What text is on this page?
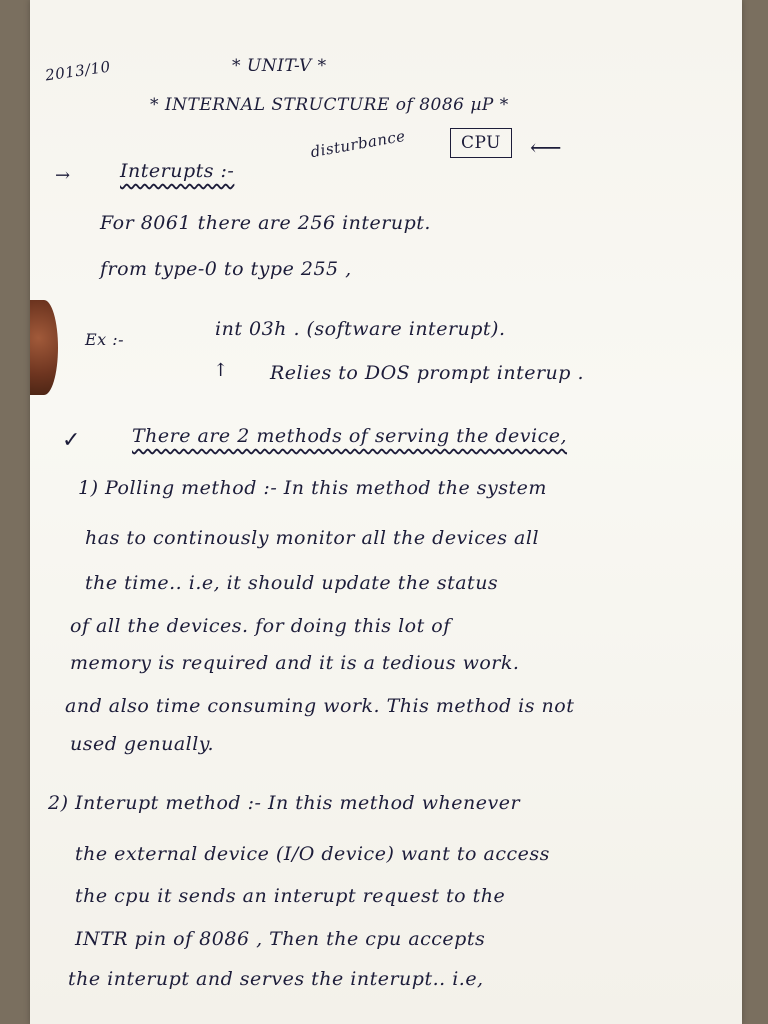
2013/10	* UNIT-V *
* INTERNAL STRUCTURE of 8086 µP *
→	Interupts :-
disturbance	CPU	⟵
For 8061 there are 256 interupt.
from type-0 to type 255 ,
Ex :-	int 03h . (software interupt).
↑ Relies to DOS prompt interup .
✓	There are 2 methods of serving the device,
1) Polling method :- In this method the system
has to continously monitor all the devices all
the time.. i.e, it should update the status
of all the devices. for doing this lot of
memory is required and it is a tedious work.
and also time consuming work. This method is not
used genually.
2) Interupt method :- In this method whenever
the external device (I/O device) want to access
the cpu it sends an interupt request to the
INTR pin of 8086 , Then the cpu accepts
the interupt and serves the interupt.. i.e,
